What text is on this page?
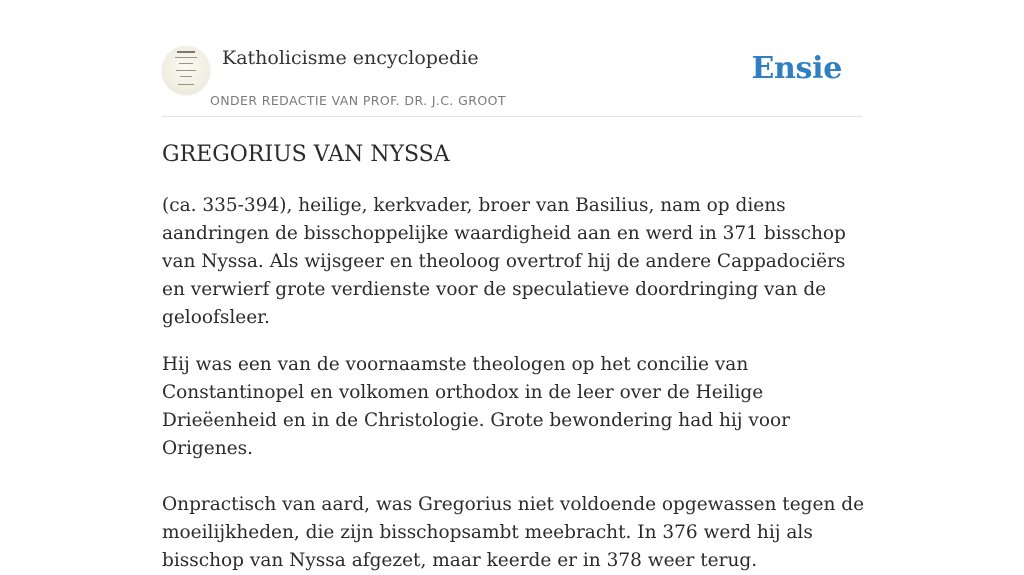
Katholicisme encyclopedie
ONDER REDACTIE VAN PROF. DR. J.C. GROOT
Ensie
GREGORIUS VAN NYSSA

(ca. 335-394), heilige, kerkvader, broer van Basilius, nam op diens aandringen de bisschoppelijke waardigheid aan en werd in 371 bisschop van Nyssa. Als wijsgeer en theoloog overtrof hij de andere Cappadociërs en verwierf grote verdienste voor de speculatieve doordringing van de geloofsleer.

Hij was een van de voornaamste theologen op het concilie van Constantinopel en volkomen orthodox in de leer over de Heilige Drieëenheid en in de Christologie. Grote bewondering had hij voor Origenes.

Onpractisch van aard, was Gregorius niet voldoende opgewassen tegen de moeilijkheden, die zijn bisschopsambt meebracht. In 376 werd hij als bisschop van Nyssa afgezet, maar keerde er in 378 weer terug.
